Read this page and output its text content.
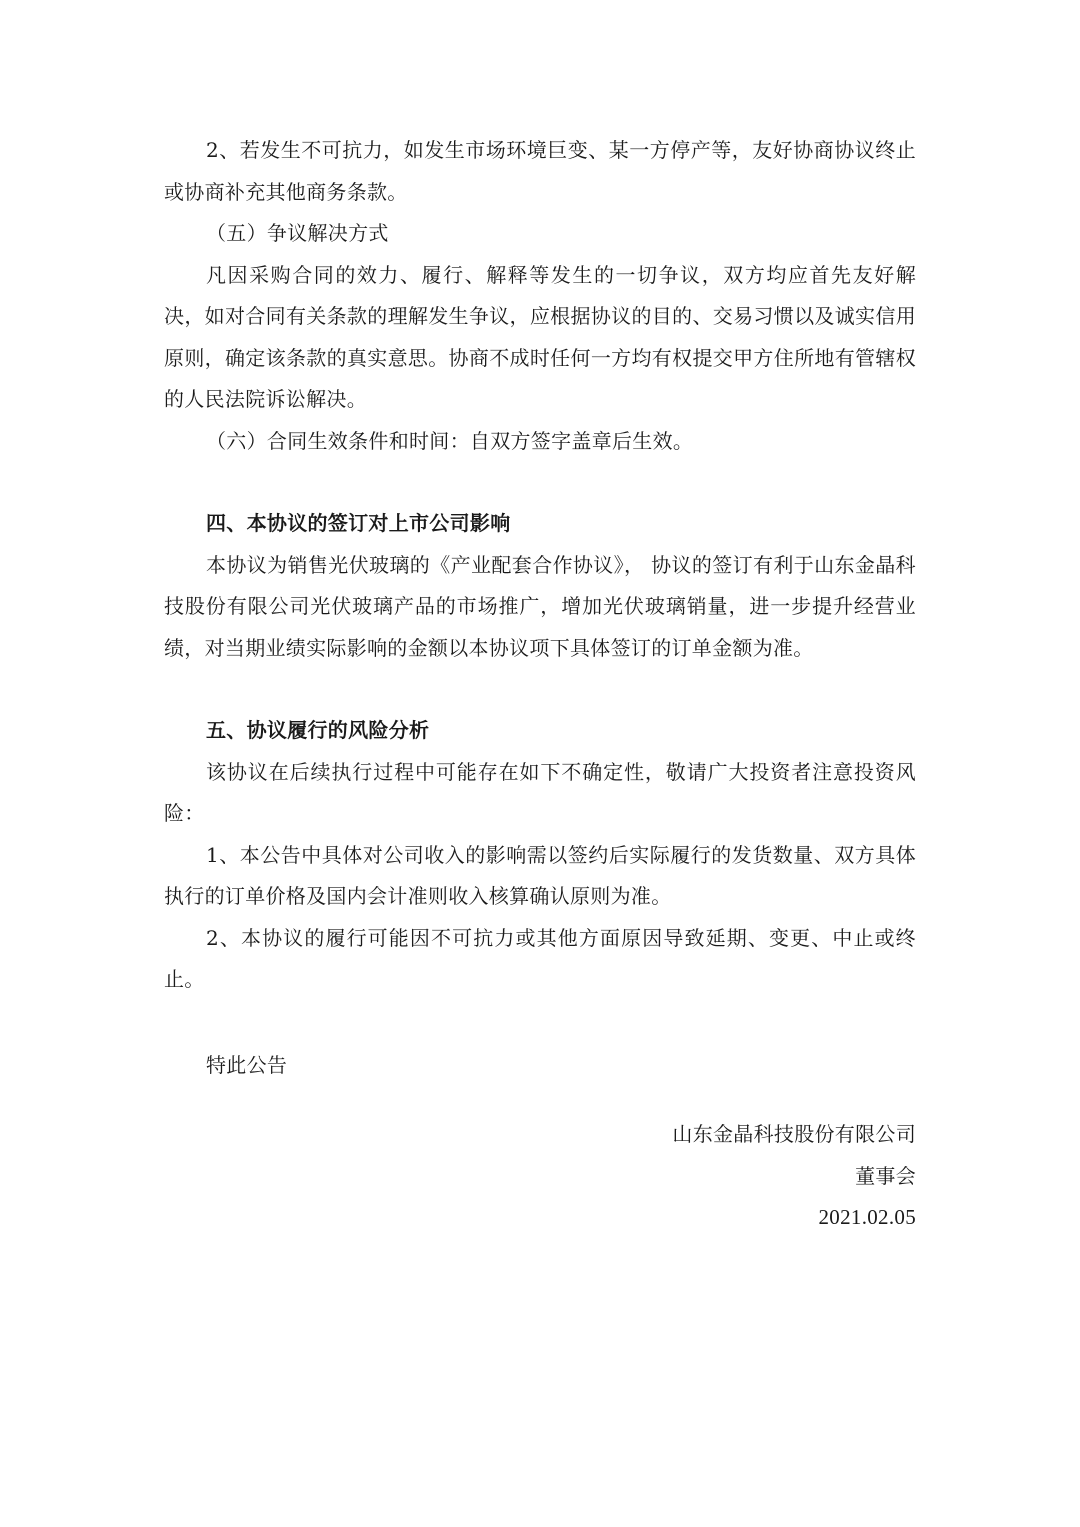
2、若发生不可抗力，如发生市场环境巨变、某一方停产等，友好协商协议终止或协商补充其他商务条款。

（五）争议解决方式

凡因采购合同的效力、履行、解释等发生的一切争议，双方均应首先友好解决，如对合同有关条款的理解发生争议，应根据协议的目的、交易习惯以及诚实信用原则，确定该条款的真实意思。协商不成时任何一方均有权提交甲方住所地有管辖权的人民法院诉讼解决。

（六）合同生效条件和时间：自双方签字盖章后生效。

四、本协议的签订对上市公司影响

本协议为销售光伏玻璃的《产业配套合作协议》， 协议的签订有利于山东金晶科技股份有限公司光伏玻璃产品的市场推广，增加光伏玻璃销量，进一步提升经营业绩，对当期业绩实际影响的金额以本协议项下具体签订的订单金额为准。

五、协议履行的风险分析

该协议在后续执行过程中可能存在如下不确定性，敬请广大投资者注意投资风险：

1、本公告中具体对公司收入的影响需以签约后实际履行的发货数量、双方具体执行的订单价格及国内会计准则收入核算确认原则为准。

2、本协议的履行可能因不可抗力或其他方面原因导致延期、变更、中止或终止。

特此公告

山东金晶科技股份有限公司
董事会
2021.02.05
